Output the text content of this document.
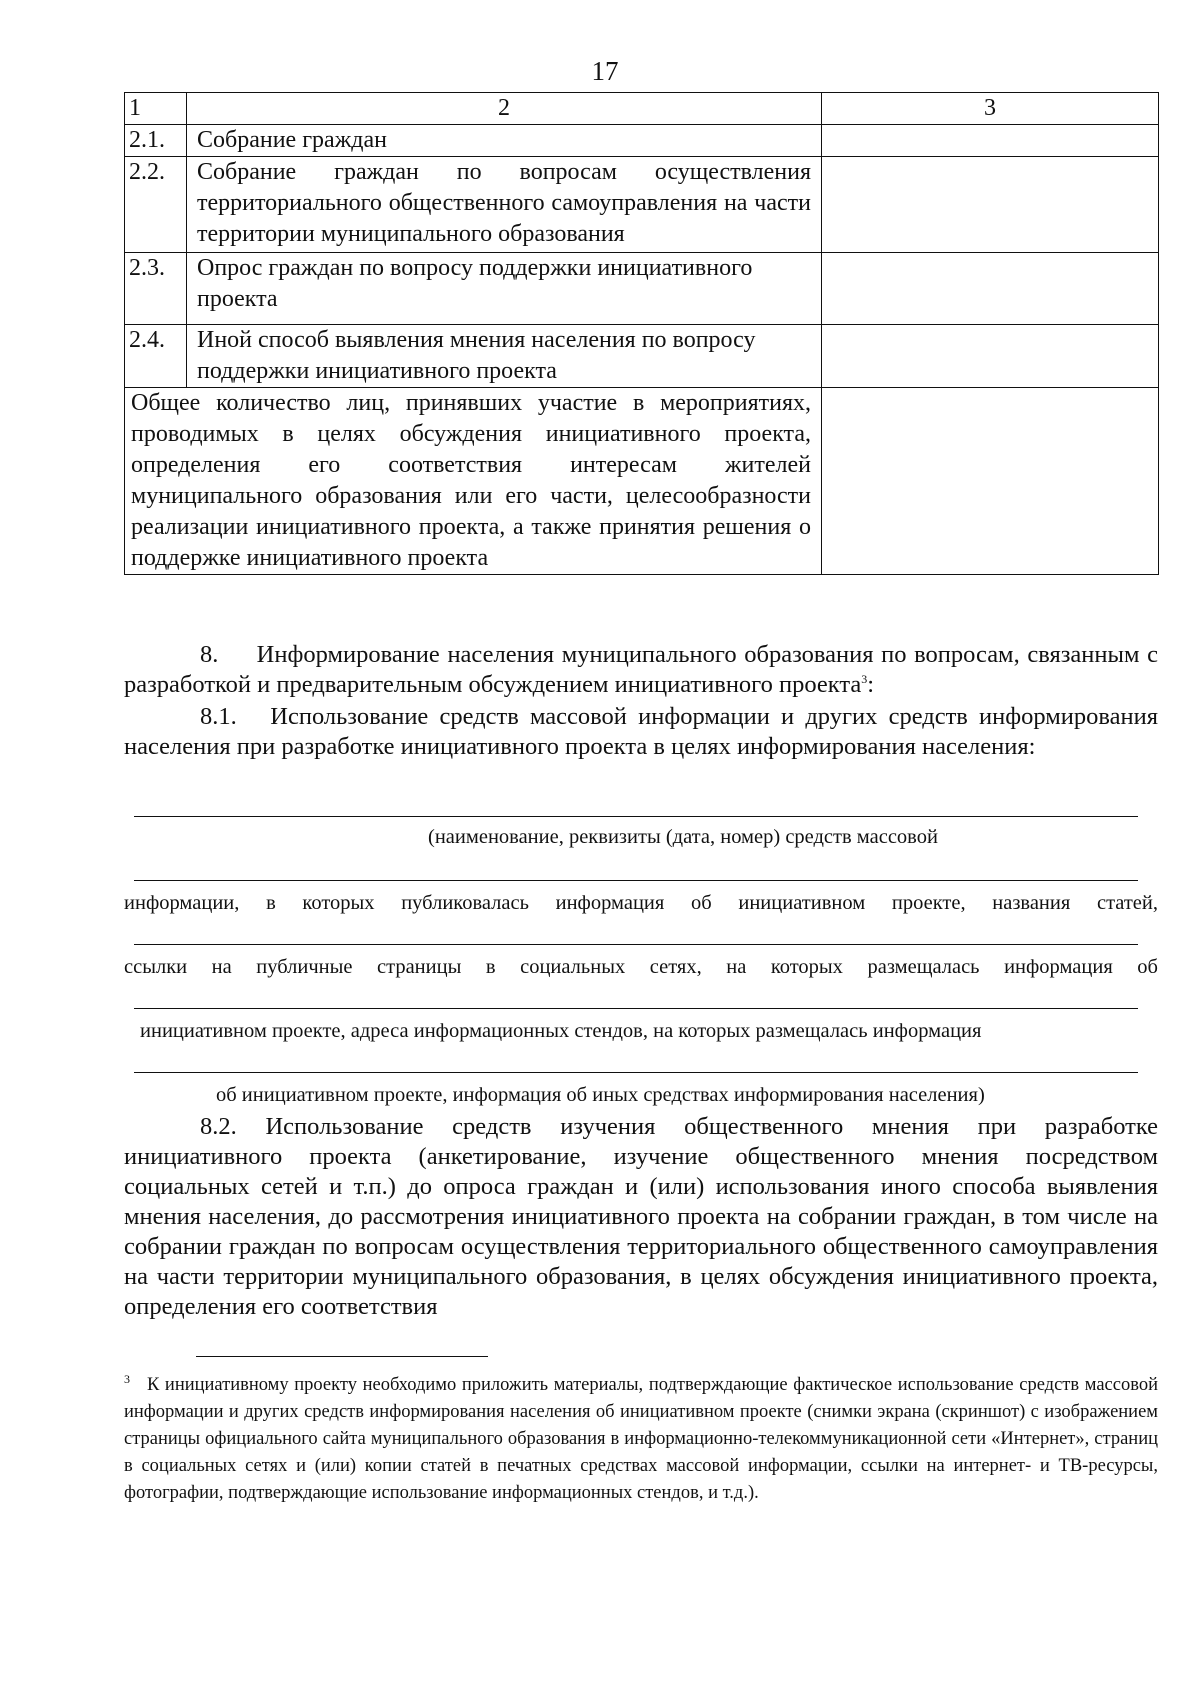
17
1	2	3
2.1.	Собрание граждан	
2.2.	Собрание граждан по вопросам осуществления территориального общественного самоуправления на части территории муниципального образования	
2.3.	Опрос граждан по вопросу поддержки инициативного проекта	
2.4.	Иной способ выявления мнения населения по вопросу поддержки инициативного проекта	
Общее количество лиц, принявших участие в мероприятиях, проводимых в целях обсуждения инициативного проекта, определения его соответствия интересам жителей муниципального образования или его части, целесообразности реализации инициативного проекта, а также принятия решения о поддержке инициативного проекта		
8. Информирование населения муниципального образования по вопросам, связанным с разработкой и предварительным обсуждением инициативного проекта$^3$:
8.1. Использование средств массовой информации и других средств информирования населения при разработке инициативного проекта в целях информирования населения:
(наименование, реквизиты (дата, номер) средств массовой
информации, в которых публиковалась информация об инициативном проекте, названия статей,
ссылки на публичные страницы в социальных сетях, на которых размещалась информация об
инициативном проекте, адреса информационных стендов, на которых размещалась информация
об инициативном проекте, информация об иных средствах информирования населения)
8.2. Использование средств изучения общественного мнения при разработке инициативного проекта (анкетирование, изучение общественного мнения посредством социальных сетей и т.п.) до опроса граждан и (или) использования иного способа выявления мнения населения, до рассмотрения инициативного проекта на собрании граждан, в том числе на собрании граждан по вопросам осуществления территориального общественного самоуправления на части территории муниципального образования, в целях обсуждения инициативного проекта, определения его соответствия
$^3$ К инициативному проекту необходимо приложить материалы, подтверждающие фактическое использование средств массовой информации и других средств информирования населения об инициативном проекте (снимки экрана (скриншот) с изображением страницы официального сайта муниципального образования в информационно-телекоммуникационной сети «Интернет», страниц в социальных сетях и (или) копии статей в печатных средствах массовой информации, ссылки на интернет- и ТВ-ресурсы, фотографии, подтверждающие использование информационных стендов, и т.д.).
